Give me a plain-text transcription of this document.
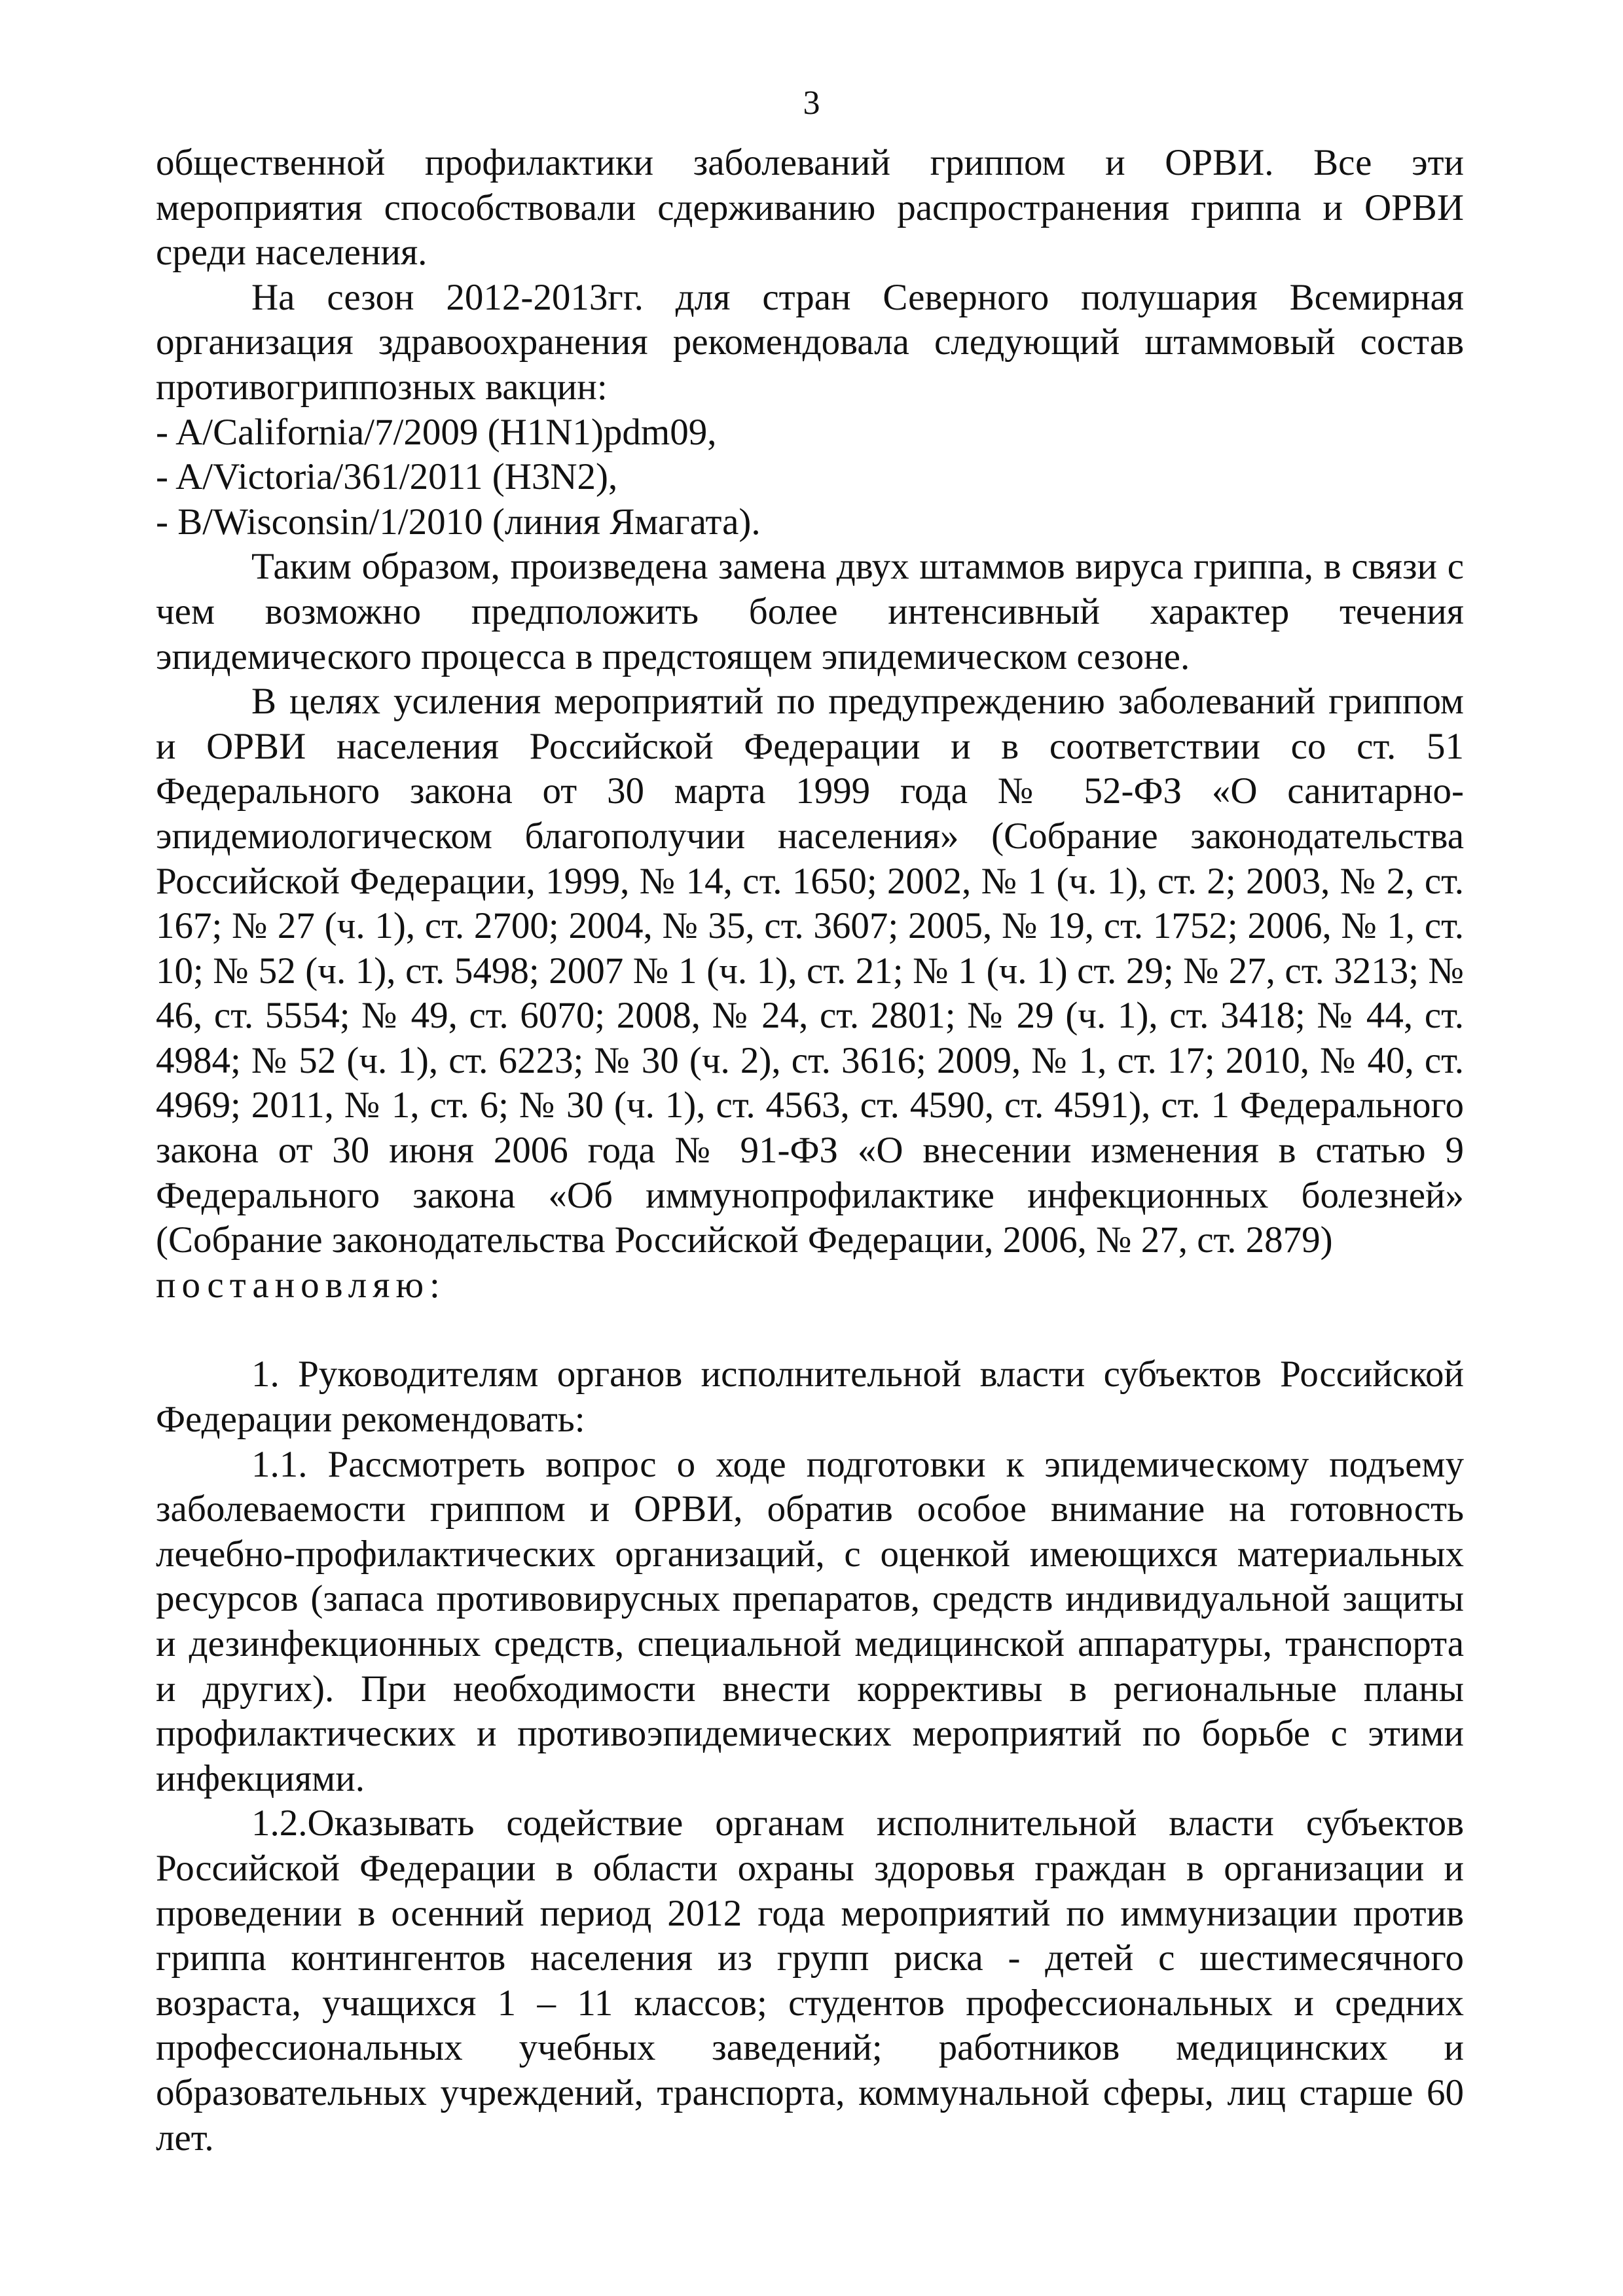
3

общественной профилактики заболеваний гриппом и ОРВИ. Все эти мероприятия способствовали сдерживанию распространения гриппа и ОРВИ среди населения.

На сезон 2012-2013гг. для стран Северного полушария Всемирная организация здравоохранения рекомендовала следующий штаммовый состав противогриппозных вакцин:

- A/California/7/2009 (H1N1)pdm09,

- A/Victoria/361/2011 (H3N2),

- B/Wisconsin/1/2010 (линия Ямагата).

Таким образом, произведена замена двух штаммов вируса гриппа, в связи с чем возможно предположить более интенсивный характер течения эпидемического процесса в предстоящем эпидемическом сезоне.

В целях усиления мероприятий по предупреждению заболеваний гриппом и ОРВИ населения Российской Федерации и в соответствии со ст. 51 Федерального закона от 30 марта 1999 года № 52-ФЗ «О санитарно-эпидемиологическом благополучии населения» (Собрание законодательства Российской Федерации, 1999, № 14, ст. 1650; 2002, № 1 (ч. 1), ст. 2; 2003, № 2, ст. 167; № 27 (ч. 1), ст. 2700; 2004, № 35, ст. 3607; 2005, № 19, ст. 1752; 2006, № 1, ст. 10; № 52 (ч. 1), ст. 5498; 2007 № 1 (ч. 1), ст. 21; № 1 (ч. 1) ст. 29; № 27, ст. 3213; № 46, ст. 5554; № 49, ст. 6070; 2008, № 24, ст. 2801; № 29 (ч. 1), ст. 3418; № 44, ст. 4984; № 52 (ч. 1), ст. 6223; № 30 (ч. 2), ст. 3616; 2009, № 1, ст. 17; 2010, № 40, ст. 4969; 2011, № 1, ст. 6; № 30 (ч. 1), ст. 4563, ст. 4590, ст. 4591), ст. 1 Федерального закона от 30 июня 2006 года № 91-ФЗ «О внесении изменения в статью 9 Федерального закона «Об иммунопрофилактике инфекционных болезней» (Собрание законодательства Российской Федерации, 2006, № 27, ст. 2879)

постановляю:

1. Руководителям органов исполнительной власти субъектов Российской Федерации рекомендовать:

1.1. Рассмотреть вопрос о ходе подготовки к эпидемическому подъему заболеваемости гриппом и ОРВИ, обратив особое внимание на готовность лечебно-профилактических организаций, с оценкой имеющихся материальных ресурсов (запаса противовирусных препаратов, средств индивидуальной защиты и дезинфекционных средств, специальной медицинской аппаратуры, транспорта и других). При необходимости внести коррективы в региональные планы профилактических и противоэпидемических мероприятий по борьбе с этими инфекциями.

1.2.Оказывать содействие органам исполнительной власти субъектов Российской Федерации в области охраны здоровья граждан в организации и проведении в осенний период 2012 года мероприятий по иммунизации против гриппа контингентов населения из групп риска - детей с шестимесячного возраста, учащихся 1 – 11 классов; студентов профессиональных и средних профессиональных учебных заведений; работников медицинских и образовательных учреждений, транспорта, коммунальной сферы, лиц старше 60 лет.
